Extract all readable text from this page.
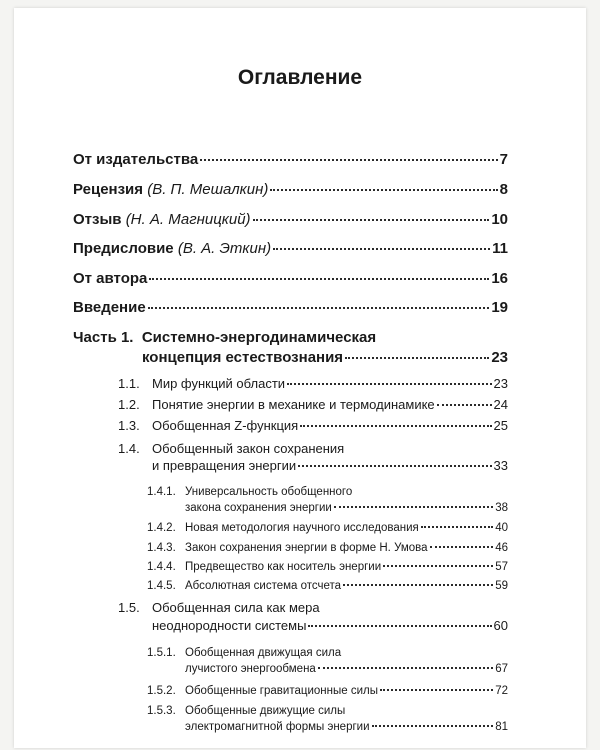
Оглавление
От издательства	7
Рецензия (В. П. Мешалкин)	8
Отзыв (Н. А. Магницкий)	10
Предисловие (В. А. Эткин)	11
От автора	16
Введение	19
Часть 1. Системно-энергодинамическая
концепция естествознания	23
1.1. Мир функций области	23
1.2. Понятие энергии в механике и термодинамике	24
1.3. Обобщенная Z-функция	25
1.4. Обобщенный закон сохранения
и превращения энергии	33
1.4.1. Универсальность обобщенного
закона сохранения энергии	38
1.4.2. Новая методология научного исследования	40
1.4.3. Закон сохранения энергии в форме Н. Умова	46
1.4.4. Предвещество как носитель энергии	57
1.4.5. Абсолютная система отсчета	59
1.5. Обобщенная сила как мера
неоднородности системы	60
1.5.1. Обобщенная движущая сила
лучистого энергообмена	67
1.5.2. Обобщенные гравитационные силы	72
1.5.3. Обобщенные движущие силы
электромагнитной формы энергии	81
